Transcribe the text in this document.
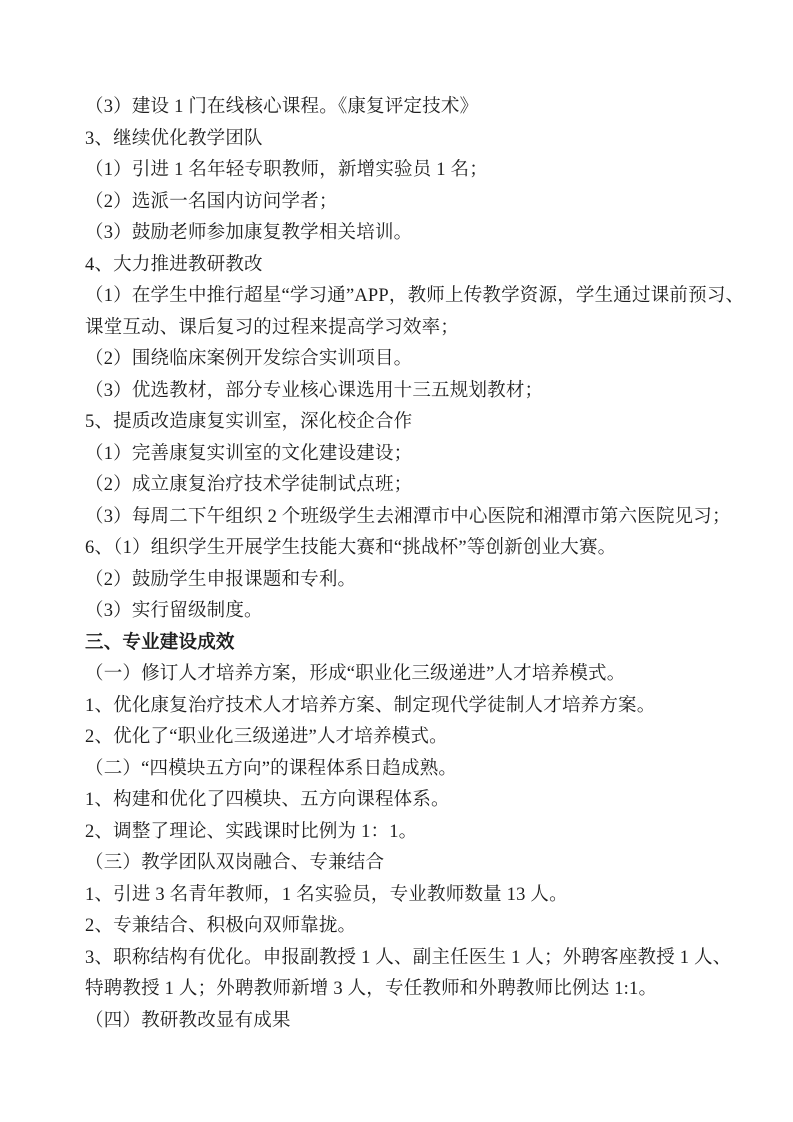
（3）建设 1 门在线核心课程。《康复评定技术》

3、继续优化教学团队

（1）引进 1 名年轻专职教师，新增实验员 1 名；

（2）选派一名国内访问学者；

（3）鼓励老师参加康复教学相关培训。

4、大力推进教研教改

（1）在学生中推行超星“学习通”APP，教师上传教学资源，学生通过课前预习、

课堂互动、课后复习的过程来提高学习效率；

（2）围绕临床案例开发综合实训项目。

（3）优选教材，部分专业核心课选用十三五规划教材；

5、提质改造康复实训室，深化校企合作

（1）完善康复实训室的文化建设建设；

（2）成立康复治疗技术学徒制试点班；

（3）每周二下午组织 2 个班级学生去湘潭市中心医院和湘潭市第六医院见习；

6、（1）组织学生开展学生技能大赛和“挑战杯”等创新创业大赛。

（2）鼓励学生申报课题和专利。

（3）实行留级制度。

三、专业建设成效

（一）修订人才培养方案，形成“职业化三级递进”人才培养模式。

1、优化康复治疗技术人才培养方案、制定现代学徒制人才培养方案。

2、优化了“职业化三级递进”人才培养模式。

（二）“四模块五方向”的课程体系日趋成熟。

1、构建和优化了四模块、五方向课程体系。

2、调整了理论、实践课时比例为 1：1。

（三）教学团队双岗融合、专兼结合

1、引进 3 名青年教师，1 名实验员，专业教师数量 13 人。

2、专兼结合、积极向双师靠拢。

3、职称结构有优化。申报副教授 1 人、副主任医生 1 人；外聘客座教授 1 人、

特聘教授 1 人；外聘教师新增 3 人，专任教师和外聘教师比例达 1:1。

（四）教研教改显有成果
